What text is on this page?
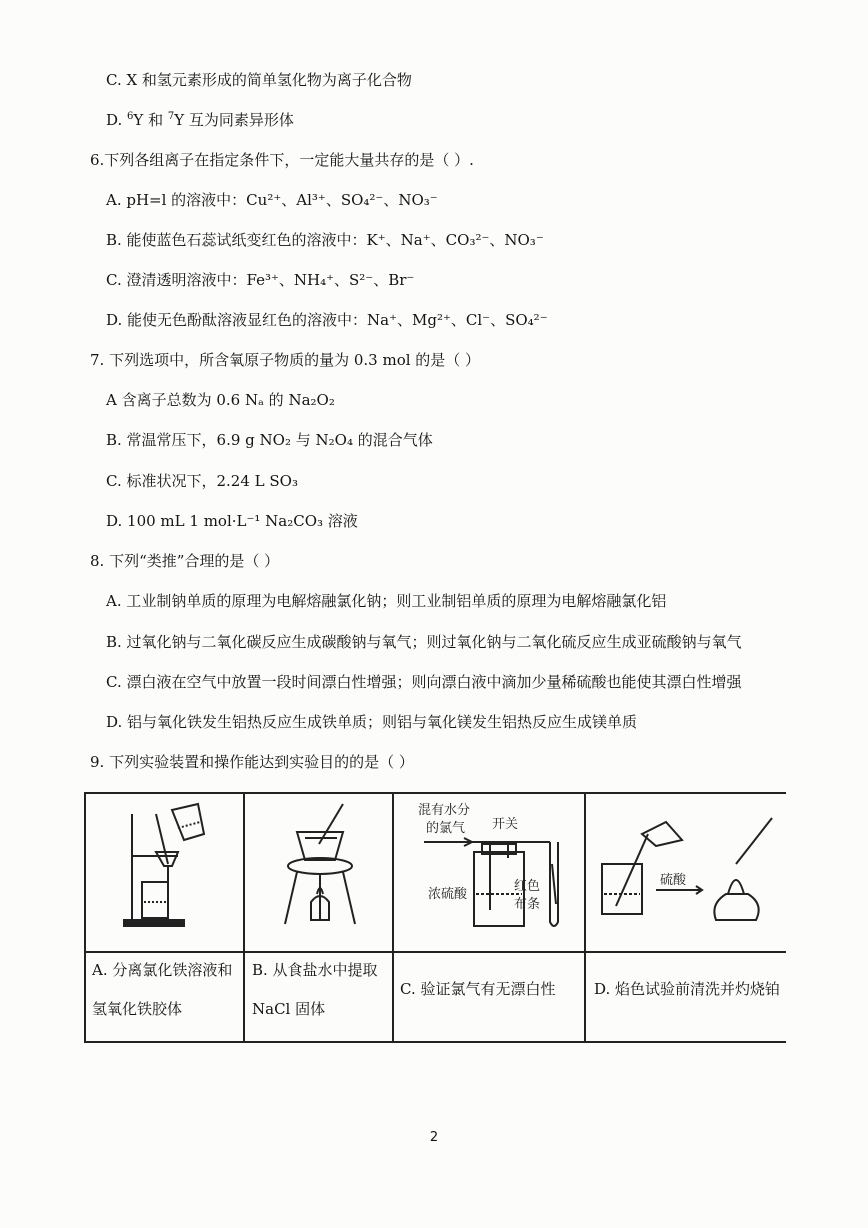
C. X 和氢元素形成的简单氢化物为离子化合物
D. $^6$Y 和 $^7$Y 互为同素异形体
6.下列各组离子在指定条件下，一定能大量共存的是（ ）.
A. pH=l 的溶液中：Cu²⁺、Al³⁺、SO₄²⁻、NO₃⁻
B. 能使蓝色石蕊试纸变红色的溶液中：K⁺、Na⁺、CO₃²⁻、NO₃⁻
C. 澄清透明溶液中：Fe³⁺、NH₄⁺、S²⁻、Br⁻
D. 能使无色酚酞溶液显红色的溶液中：Na⁺、Mg²⁺、Cl⁻、SO₄²⁻
7. 下列选项中，所含氧原子物质的量为 0.3 mol 的是（ ）
A 含离子总数为 0.6 Nₐ 的 Na₂O₂
B. 常温常压下，6.9 g NO₂ 与 N₂O₄ 的混合气体
C. 标准状况下，2.24 L SO₃
D. 100 mL 1 mol·L⁻¹ Na₂CO₃ 溶液
8. 下列“类推”合理的是（ ）
A. 工业制钠单质的原理为电解熔融氯化钠；则工业制铝单质的原理为电解熔融氯化铝
B. 过氧化钠与二氧化碳反应生成碳酸钠与氧气；则过氧化钠与二氧化硫反应生成亚硫酸钠与氧气
C. 漂白液在空气中放置一段时间漂白性增强；则向漂白液中滴加少量稀硫酸也能使其漂白性增强
D. 铝与氧化铁发生铝热反应生成铁单质；则铝与氧化镁发生铝热反应生成镁单质
9. 下列实验装置和操作能达到实验目的的是（ ）
混有水分
的氯气 开关
浓硫酸
红色
布条
硫酸
A. 分离氯化铁溶液和
氢氧化铁胶体
B. 从食盐水中提取
NaCl 固体
C. 验证氯气有无漂白性	D. 焰色试验前清洗并灼烧铂
2
